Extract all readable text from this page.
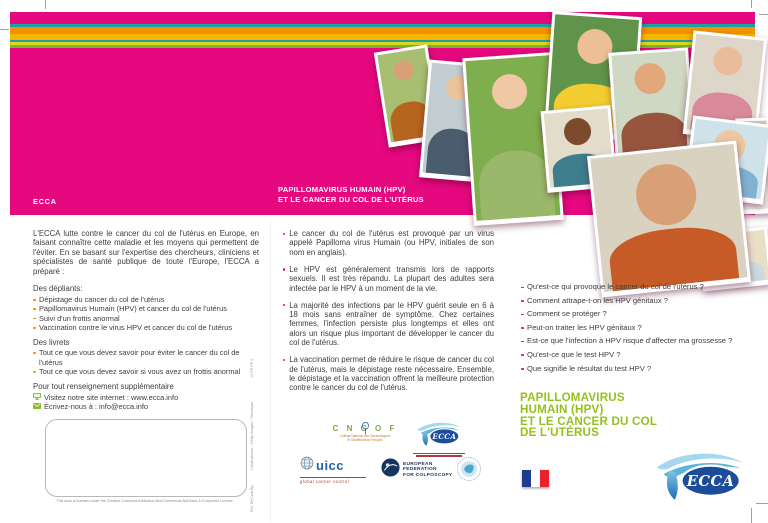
ECCA
PAPILLOMAVIRUS HUMAIN (HPV)
ET LE CANCER DU COL DE L'UTÉRUS

L'ECCA lutte contre le cancer du col de l'utérus en Europe, en faisant connaître cette maladie et les moyens qui permettent de l'éviter. En se basant sur l'expertise des chercheurs, cliniciens et spécialistes de santé publique de toute l'Europe, l'ECCA a préparé :

Des dépliants:
Dépistage du cancer du col de l'utérus
Papillomavirus Humain (HPV) et cancer du col de l'utérus
Suivi d'un frottis anormal
Vaccination contre le virus HPV et cancer du col de l'utérus
Des livrets
Tout ce que vous devez savoir pour éviter le cancer du col de l'utérus
Tout ce que vous devez savoir si vous avez un frottis anormal
Pour tout renseignement supplémentaire
Visitez notre site internet : www.ecca.info
Écrivez-nous à : info@ecca.info
This work is licensed under the Creative Commons Attribution-NonCommercial-NoDerivs 3.0 Unported License.
12 FR PF 2
Crédit photos : Getty Images / Stockbyte
Réf. BHCwb.Bp
Le cancer du col de l'utérus est provoqué par un virus appelé Papilloma virus Humain (ou HPV, initiales de son nom en anglais).
Le HPV est généralement transmis lors de rapports sexuels. Il est très répandu. La plupart des adultes sera infectée par le HPV à un moment de la vie.
La majorité des infections par le HPV guérit seule en 6 à 18 mois sans entraîner de symptôme. Chez certaines femmes, l'infection persiste plus longtemps et elles ont alors un risque plus important de développer le cancer du col de l'utérus.
La vaccination permet de réduire le risque de cancer du col de l'utérus, mais le dépistage reste nécessaire. Ensemble, le dépistage et la vaccination offrent la meilleure protection contre le cancer du col de l'utérus.
C N G O F
Collège National des Gynécologues
et Obstétriciens Français	ECCA
uicc
global cancer control
EUROPEAN
FEDERATION
FOR COLPOSCOPY
Qu'est-ce qui provoque le cancer du col de l'utérus ?
Comment attrape-t-on les HPV génitaux ?
Comment se protéger ?
Peut-on traiter les HPV génitaux ?
Est-ce que l'infection à HPV risque d'affecter ma grossesse ?
Qu'est-ce que le test HPV ?
Que signifie le résultat du test HPV ?
PAPILLOMAVIRUS
HUMAIN (HPV)
ET LE CANCER DU COL
DE L'UTÉRUS
ECCA
